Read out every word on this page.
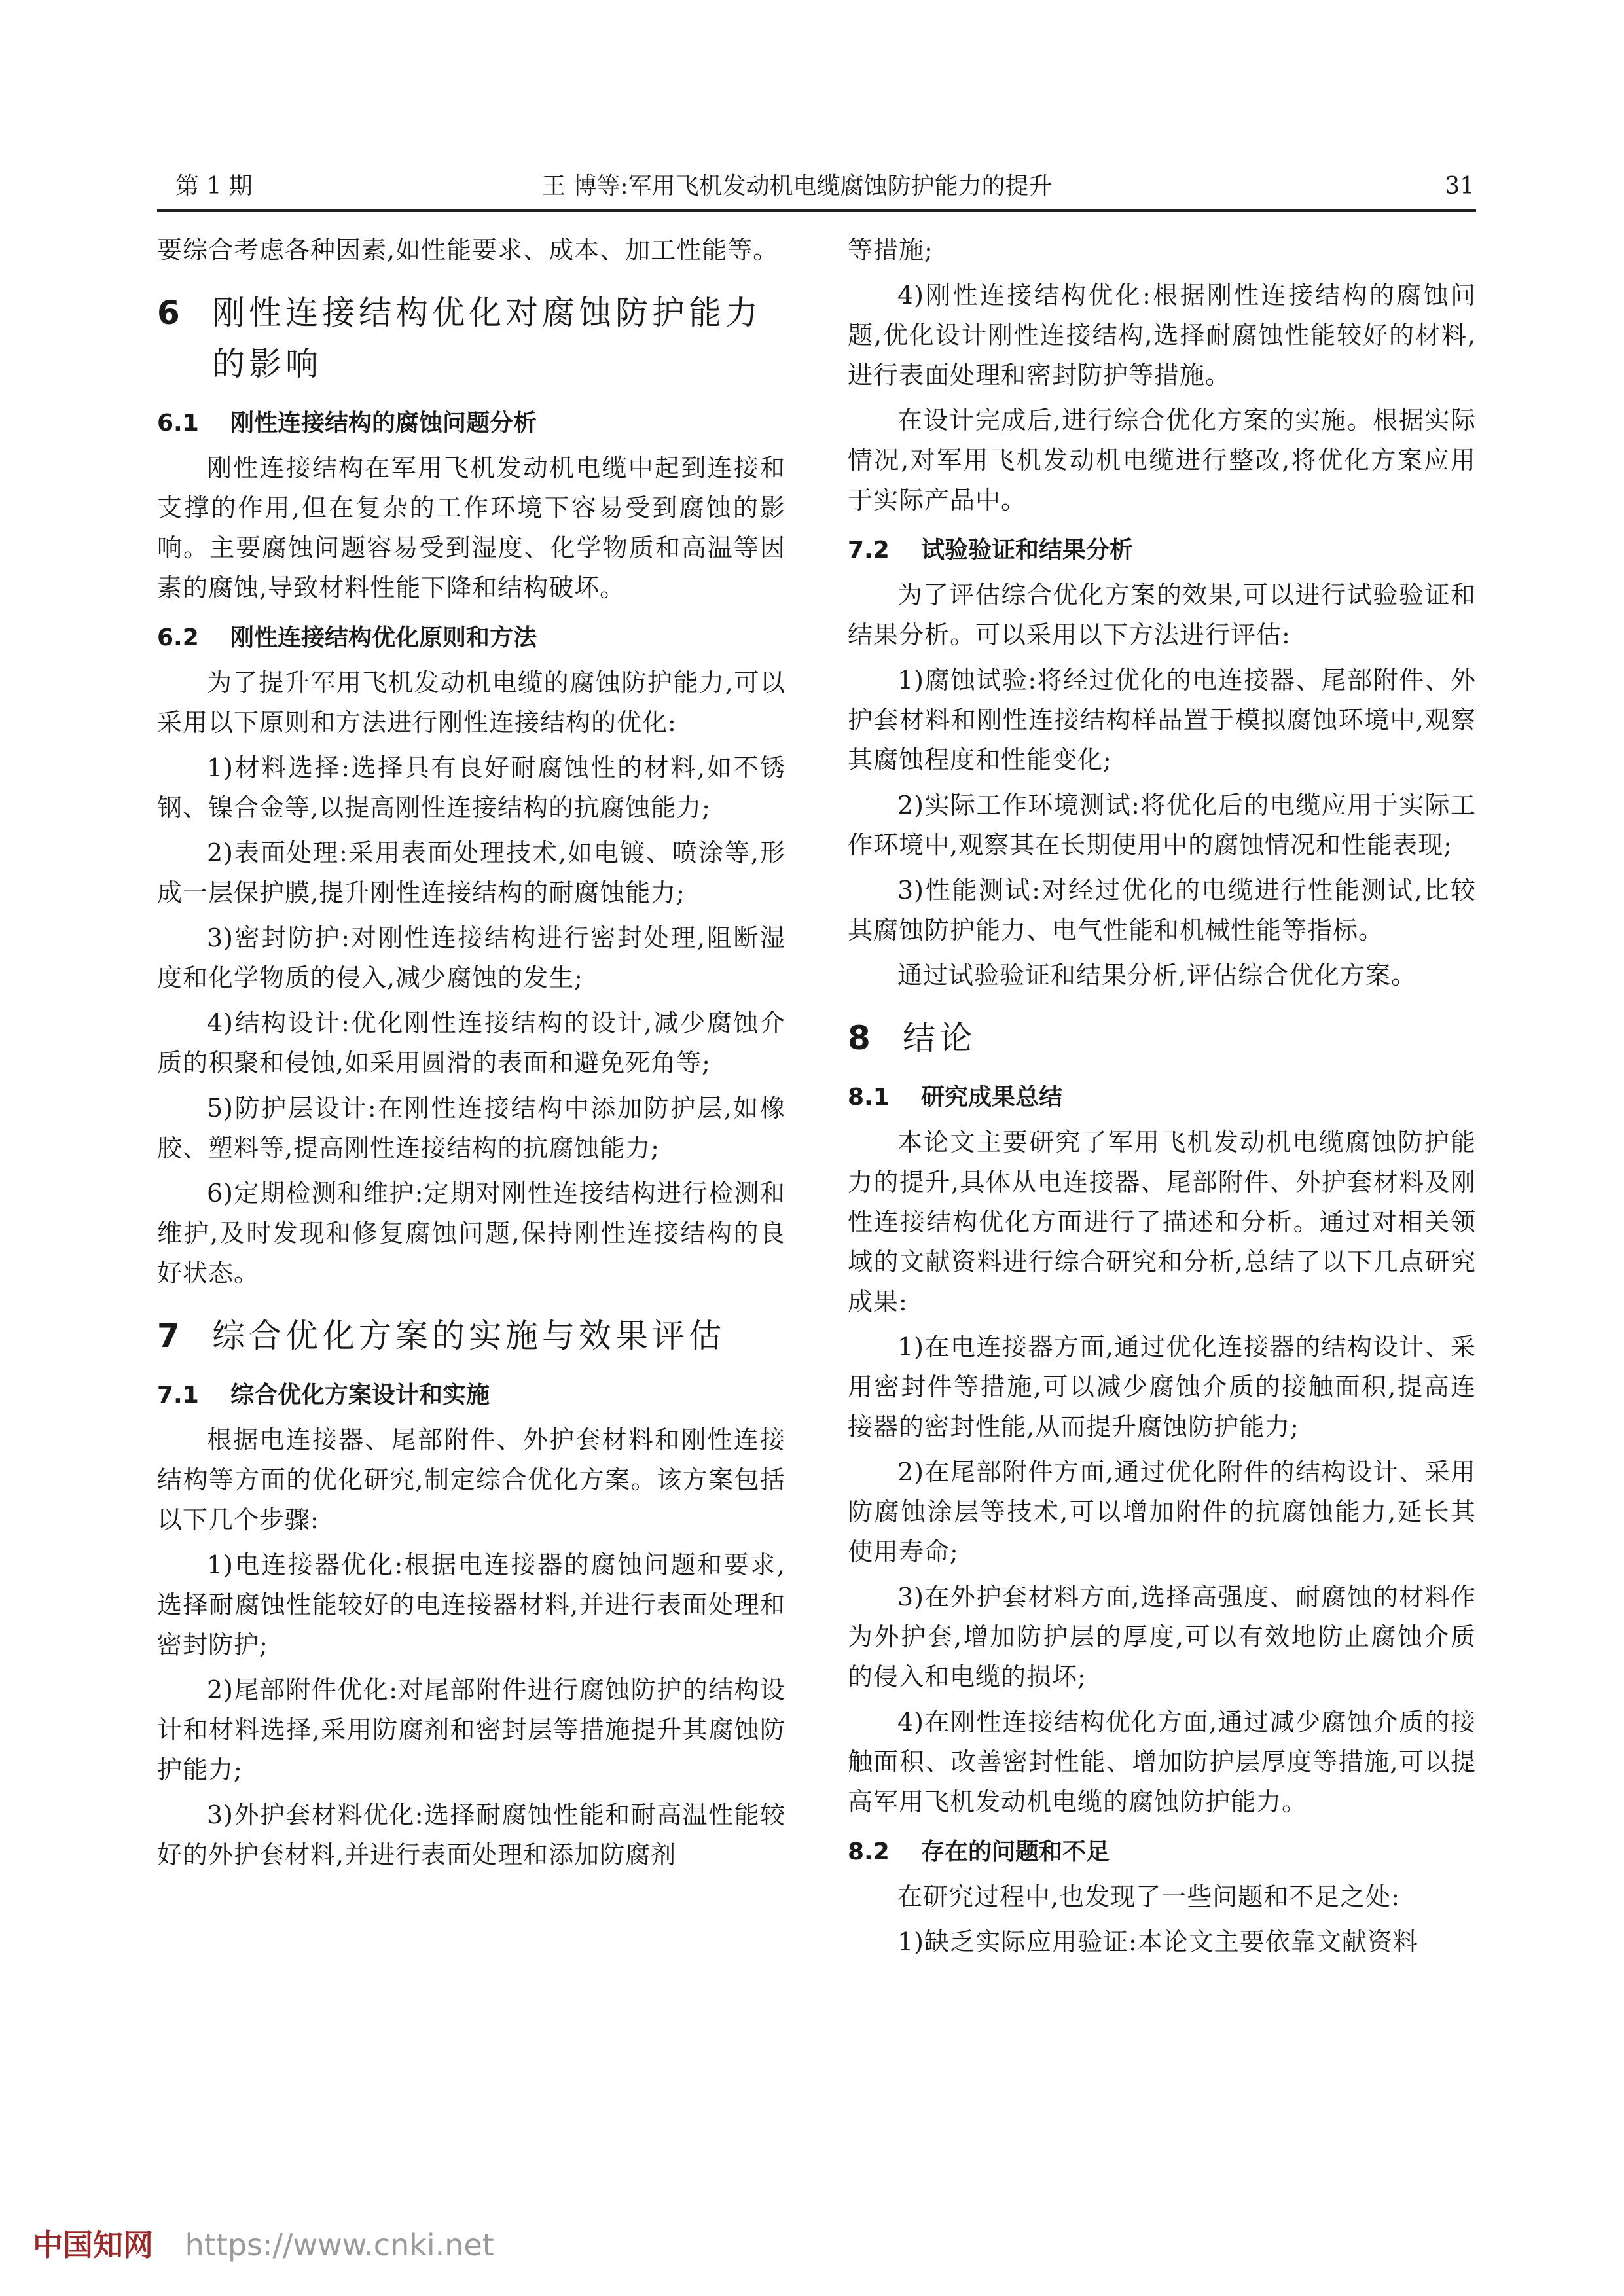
第 1 期	王 博等:军用飞机发动机电缆腐蚀防护能力的提升	31

要综合考虑各种因素,如性能要求、成本、加工性能等。

6 刚性连接结构优化对腐蚀防护能力的影响
6.1	刚性连接结构的腐蚀问题分析

刚性连接结构在军用飞机发动机电缆中起到连接和支撑的作用,但在复杂的工作环境下容易受到腐蚀的影响。主要腐蚀问题容易受到湿度、化学物质和高温等因素的腐蚀,导致材料性能下降和结构破坏。

6.2	刚性连接结构优化原则和方法

为了提升军用飞机发动机电缆的腐蚀防护能力,可以采用以下原则和方法进行刚性连接结构的优化:

1)材料选择:选择具有良好耐腐蚀性的材料,如不锈钢、镍合金等,以提高刚性连接结构的抗腐蚀能力;

2)表面处理:采用表面处理技术,如电镀、喷涂等,形成一层保护膜,提升刚性连接结构的耐腐蚀能力;

3)密封防护:对刚性连接结构进行密封处理,阻断湿度和化学物质的侵入,减少腐蚀的发生;

4)结构设计:优化刚性连接结构的设计,减少腐蚀介质的积聚和侵蚀,如采用圆滑的表面和避免死角等;

5)防护层设计:在刚性连接结构中添加防护层,如橡胶、塑料等,提高刚性连接结构的抗腐蚀能力;

6)定期检测和维护:定期对刚性连接结构进行检测和维护,及时发现和修复腐蚀问题,保持刚性连接结构的良好状态。

7 综合优化方案的实施与效果评估
7.1	综合优化方案设计和实施

根据电连接器、尾部附件、外护套材料和刚性连接结构等方面的优化研究,制定综合优化方案。该方案包括以下几个步骤:

1)电连接器优化:根据电连接器的腐蚀问题和要求,选择耐腐蚀性能较好的电连接器材料,并进行表面处理和密封防护;

2)尾部附件优化:对尾部附件进行腐蚀防护的结构设计和材料选择,采用防腐剂和密封层等措施提升其腐蚀防护能力;

3)外护套材料优化:选择耐腐蚀性能和耐高温性能较好的外护套材料,并进行表面处理和添加防腐剂

等措施;

4)刚性连接结构优化:根据刚性连接结构的腐蚀问题,优化设计刚性连接结构,选择耐腐蚀性能较好的材料,进行表面处理和密封防护等措施。

在设计完成后,进行综合优化方案的实施。根据实际情况,对军用飞机发动机电缆进行整改,将优化方案应用于实际产品中。

7.2	试验验证和结果分析

为了评估综合优化方案的效果,可以进行试验验证和结果分析。可以采用以下方法进行评估:

1)腐蚀试验:将经过优化的电连接器、尾部附件、外护套材料和刚性连接结构样品置于模拟腐蚀环境中,观察其腐蚀程度和性能变化;

2)实际工作环境测试:将优化后的电缆应用于实际工作环境中,观察其在长期使用中的腐蚀情况和性能表现;

3)性能测试:对经过优化的电缆进行性能测试,比较其腐蚀防护能力、电气性能和机械性能等指标。

通过试验验证和结果分析,评估综合优化方案。

8 结论
8.1	研究成果总结

本论文主要研究了军用飞机发动机电缆腐蚀防护能力的提升,具体从电连接器、尾部附件、外护套材料及刚性连接结构优化方面进行了描述和分析。通过对相关领域的文献资料进行综合研究和分析,总结了以下几点研究成果:

1)在电连接器方面,通过优化连接器的结构设计、采用密封件等措施,可以减少腐蚀介质的接触面积,提高连接器的密封性能,从而提升腐蚀防护能力;

2)在尾部附件方面,通过优化附件的结构设计、采用防腐蚀涂层等技术,可以增加附件的抗腐蚀能力,延长其使用寿命;

3)在外护套材料方面,选择高强度、耐腐蚀的材料作为外护套,增加防护层的厚度,可以有效地防止腐蚀介质的侵入和电缆的损坏;

4)在刚性连接结构优化方面,通过减少腐蚀介质的接触面积、改善密封性能、增加防护层厚度等措施,可以提高军用飞机发动机电缆的腐蚀防护能力。

8.2	存在的问题和不足

在研究过程中,也发现了一些问题和不足之处:

1)缺乏实际应用验证:本论文主要依靠文献资料

中国知网 https://www.cnki.net
